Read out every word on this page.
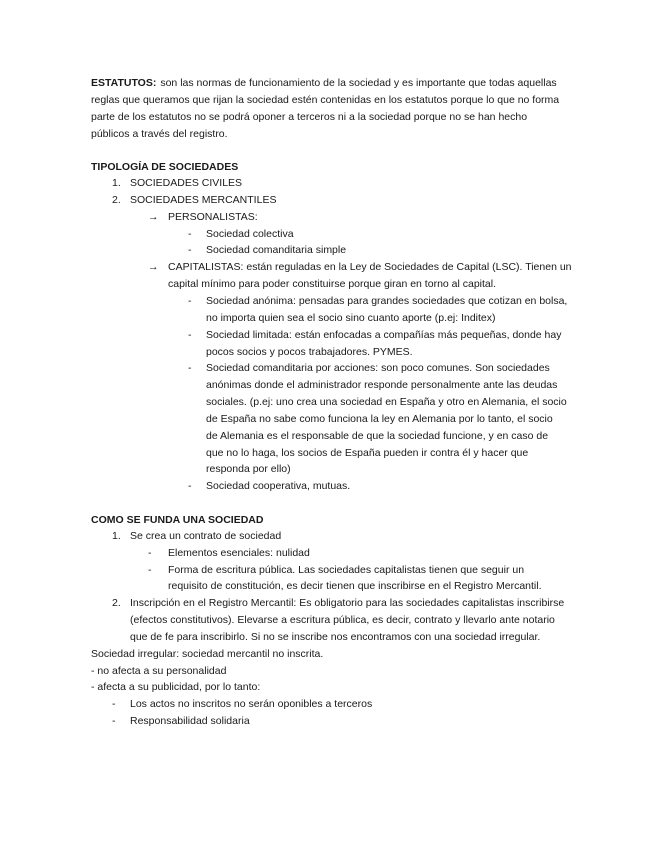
ESTATUTOS: son las normas de funcionamiento de la sociedad y es importante que todas aquellas
reglas que queramos que rijan la sociedad estén contenidas en los estatutos porque lo que no forma
parte de los estatutos no se podrá oponer a terceros ni a la sociedad porque no se han hecho
públicos a través del registro.
TIPOLOGÍA DE SOCIEDADES
1. SOCIEDADES CIVILES
2. SOCIEDADES MERCANTILES
→ PERSONALISTAS:
- Sociedad colectiva
- Sociedad comanditaria simple
→ CAPITALISTAS: están reguladas en la Ley de Sociedades de Capital (LSC). Tienen un
capital mínimo para poder constituirse porque giran en torno al capital.
- Sociedad anónima: pensadas para grandes sociedades que cotizan en bolsa,
no importa quien sea el socio sino cuanto aporte (p.ej: Inditex)
- Sociedad limitada: están enfocadas a compañías más pequeñas, donde hay
pocos socios y pocos trabajadores. PYMES.
- Sociedad comanditaria por acciones: son poco comunes. Son sociedades
anónimas donde el administrador responde personalmente ante las deudas
sociales. (p.ej: uno crea una sociedad en España y otro en Alemania, el socio
de España no sabe como funciona la ley en Alemania por lo tanto, el socio
de Alemania es el responsable de que la sociedad funcione, y en caso de
que no lo haga, los socios de España pueden ir contra él y hacer que
responda por ello)
- Sociedad cooperativa, mutuas.
COMO SE FUNDA UNA SOCIEDAD
1. Se crea un contrato de sociedad
- Elementos esenciales: nulidad
- Forma de escritura pública. Las sociedades capitalistas tienen que seguir un
requisito de constitución, es decir tienen que inscribirse en el Registro Mercantil.
2. Inscripción en el Registro Mercantil: Es obligatorio para las sociedades capitalistas inscribirse
(efectos constitutivos). Elevarse a escritura pública, es decir, contrato y llevarlo ante notario
que de fe para inscribirlo. Si no se inscribe nos encontramos con una sociedad irregular.
Sociedad irregular: sociedad mercantil no inscrita.
- no afecta a su personalidad
- afecta a su publicidad, por lo tanto:
- Los actos no inscritos no serán oponibles a terceros
- Responsabilidad solidaria
